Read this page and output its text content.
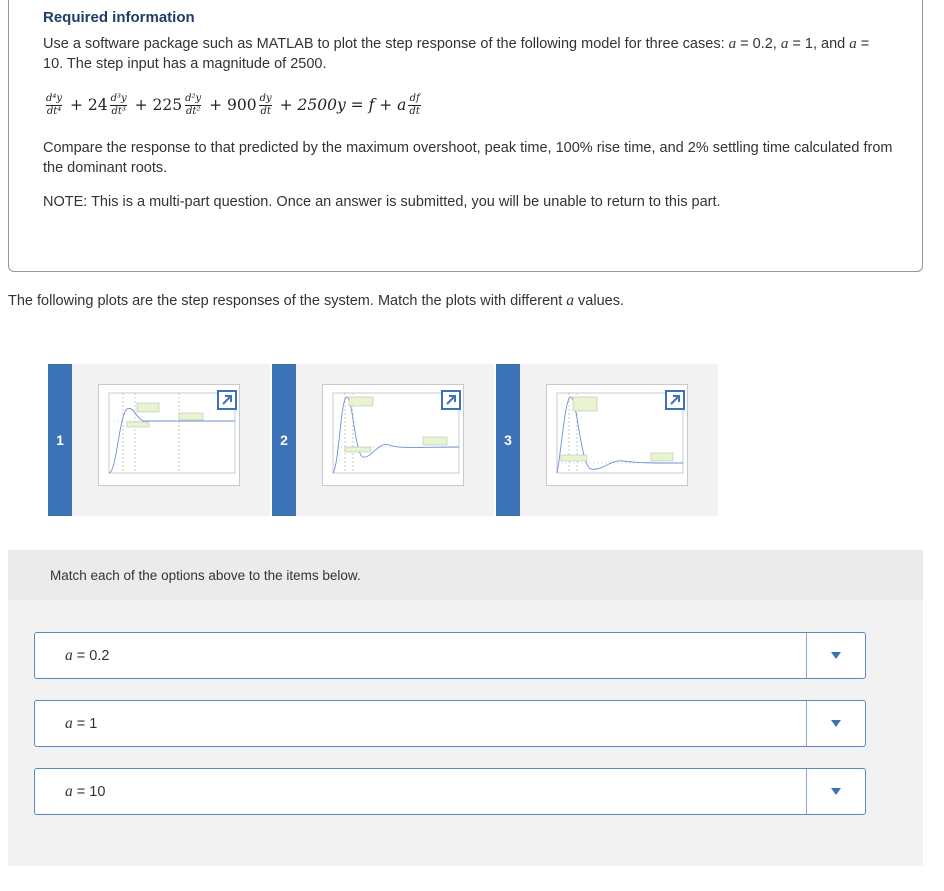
Required information
Use a software package such as MATLAB to plot the step response of the following model for three cases: a = 0.2, a = 1, and a = 10. The step input has a magnitude of 2500.
$\frac{\text{d⁴y}}{\text{dt⁴}} + 24 \frac{\text{d³y}}{\text{dt³}} + 225 \frac{\text{d²y}}{\text{dt²}} + 900 \frac{dy}{dt} + 2500y = f + a \frac{df}{dt}$
Compare the response to that predicted by the maximum overshoot, peak time, 100% rise time, and 2% settling time calculated from the dominant roots.
NOTE: This is a multi-part question. Once an answer is submitted, you will be unable to return to this part.
The following plots are the step responses of the system. Match the plots with different a values.
1	2	3
Match each of the options above to the items below.
a = 0.2
a = 1
a = 10
